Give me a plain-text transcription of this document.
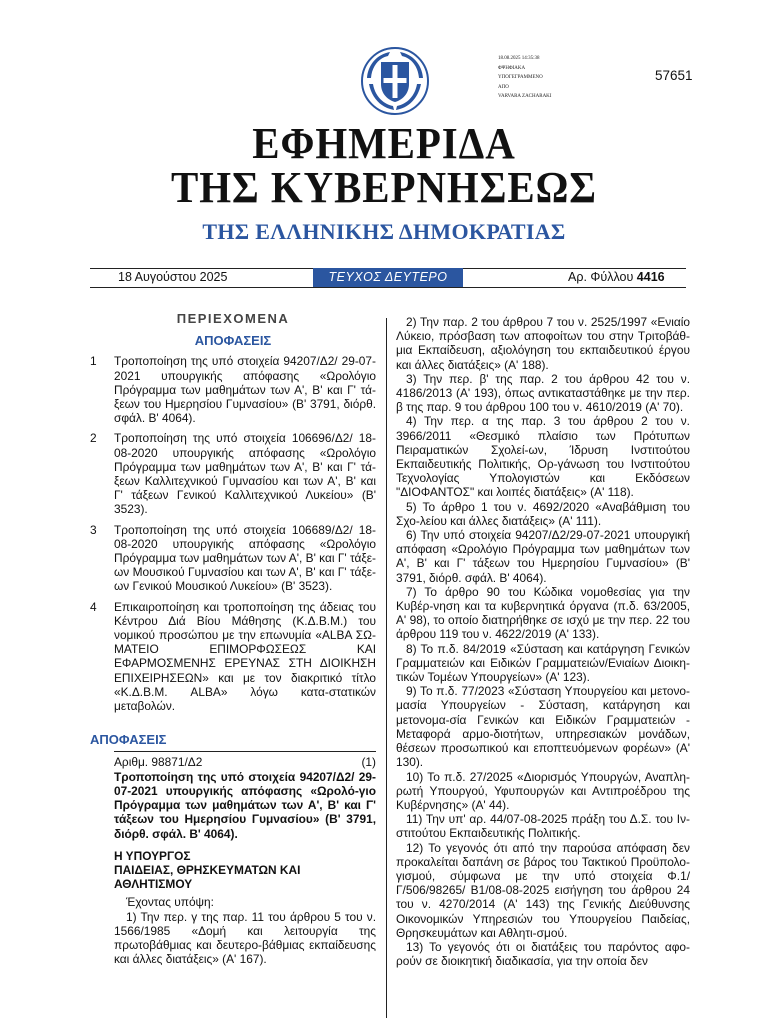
18.08.2025 14:35:38
ΦΨΗΦΙΑΚΑ
ΥΠΟΓΕΓΡΑΜΜΕΝΟ
ΑΠΟ
VARVARA ZACHARAKI
57651
ΕΦΗΜΕΡΙΔΑ
ΤΗΣ ΚΥΒΕΡΝΗΣΕΩΣ
ΤΗΣ ΕΛΛΗΝΙΚΗΣ ΔΗΜΟΚΡΑΤΙΑΣ
18 Αυγούστου 2025	ΤΕΥΧΟΣ ΔΕΥΤΕΡΟ	Αρ. Φύλλου 4416
ΠΕΡΙΕΧΟΜΕΝΑ
ΑΠΟΦΑΣΕΙΣ
1	Τροποποίηση της υπό στοιχεία 94207/Δ2/ 29-07-2021 υπουργικής απόφασης «Ωρολόγιο Πρόγραμμα των μαθημάτων των Α', Β' και Γ' τά-ξεων του Ημερησίου Γυμνασίου» (Β' 3791, διόρθ. σφάλ. Β' 4064).
2	Τροποποίηση της υπό στοιχεία 106696/Δ2/ 18-08-2020 υπουργικής απόφασης «Ωρολόγιο Πρόγραμμα των μαθημάτων των Α', Β' και Γ' τά-ξεων Καλλιτεχνικού Γυμνασίου και των Α', Β' και Γ' τάξεων Γενικού Καλλιτεχνικού Λυκείου» (Β' 3523).
3	Τροποποίηση της υπό στοιχεία 106689/Δ2/ 18-08-2020 υπουργικής απόφασης «Ωρολόγιο Πρόγραμμα των μαθημάτων των Α', Β' και Γ' τάξε-ων Μουσικού Γυμνασίου και των Α', Β' και Γ' τάξε-ων Γενικού Μουσικού Λυκείου» (Β' 3523).
4	Επικαιροποίηση και τροποποίηση της άδειας του Κέντρου Διά Βίου Μάθησης (Κ.Δ.Β.Μ.) του νομικού προσώπου με την επωνυμία «ALBA ΣΩ-ΜΑΤΕΙΟ ΕΠΙΜΟΡΦΩΣΕΩΣ ΚΑΙ ΕΦΑΡΜΟΣΜΕΝΗΣ ΕΡΕΥΝΑΣ ΣΤΗ ΔΙΟΙΚΗΣΗ ΕΠΙΧΕΙΡΗΣΕΩΝ» και με τον διακριτικό τίτλο «Κ.Δ.Β.Μ. ALBA» λόγω κατα-στατικών μεταβολών.
ΑΠΟΦΑΣΕΙΣ
Αριθμ. 98871/Δ2	(1)
Τροποποίηση της υπό στοιχεία 94207/Δ2/ 29-07-2021 υπουργικής απόφασης «Ωρολό-γιο Πρόγραμμα των μαθημάτων των Α', Β' και Γ' τάξεων του Ημερησίου Γυμνασίου» (Β' 3791, διόρθ. σφάλ. Β' 4064).
Η ΥΠΟΥΡΓΟΣ
ΠΑΙΔΕΙΑΣ, ΘΡΗΣΚΕΥΜΑΤΩΝ ΚΑΙ ΑΘΛΗΤΙΣΜΟΥ
Έχοντας υπόψη:
1) Την περ. γ της παρ. 11 του άρθρου 5 του ν. 1566/1985 «Δομή και λειτουργία της πρωτοβάθμιας και δευτερο-βάθμιας εκπαίδευσης και άλλες διατάξεις» (Α' 167).

2) Την παρ. 2 του άρθρου 7 του ν. 2525/1997 «Ενιαίο Λύκειο, πρόσβαση των αποφοίτων του στην Τριτοβάθ-μια Εκπαίδευση, αξιολόγηση του εκπαιδευτικού έργου και άλλες διατάξεις» (Α' 188).

3) Την περ. β' της παρ. 2 του άρθρου 42 του ν. 4186/2013 (Α' 193), όπως αντικαταστάθηκε με την περ. β της παρ. 9 του άρθρου 100 του ν. 4610/2019 (Α' 70).

4) Την περ. α της παρ. 3 του άρθρου 2 του ν. 3966/2011 «Θεσμικό πλαίσιο των Πρότυπων Πειραματικών Σχολεί-ων, Ίδρυση Ινστιτούτου Εκπαιδευτικής Πολιτικής, Ορ-γάνωση του Ινστιτούτου Τεχνολογίας Υπολογιστών και Εκδόσεων "ΔΙΟΦΑΝΤΟΣ" και λοιπές διατάξεις» (Α' 118).

5) Το άρθρο 1 του ν. 4692/2020 «Αναβάθμιση του Σχο-λείου και άλλες διατάξεις» (Α' 111).

6) Την υπό στοιχεία 94207/Δ2/29-07-2021 υπουργική απόφαση «Ωρολόγιο Πρόγραμμα των μαθημάτων των Α', Β' και Γ' τάξεων του Ημερησίου Γυμνασίου» (Β' 3791, διόρθ. σφάλ. Β' 4064).

7) Το άρθρο 90 του Κώδικα νομοθεσίας για την Κυβέρ-νηση και τα κυβερνητικά όργανα (π.δ. 63/2005, Α' 98), το οποίο διατηρήθηκε σε ισχύ με την περ. 22 του άρθρου 119 του ν. 4622/2019 (Α' 133).

8) Το π.δ. 84/2019 «Σύσταση και κατάργηση Γενικών Γραμματειών και Ειδικών Γραμματειών/Ενιαίων Διοικη-τικών Τομέων Υπουργείων» (Α' 123).

9) Το π.δ. 77/2023 «Σύσταση Υπουργείου και μετονο-μασία Υπουργείων - Σύσταση, κατάργηση και μετονομα-σία Γενικών και Ειδικών Γραμματειών - Μεταφορά αρμο-διοτήτων, υπηρεσιακών μονάδων, θέσεων προσωπικού και εποπτευόμενων φορέων» (Α' 130).

10) Το π.δ. 27/2025 «Διορισμός Υπουργών, Αναπλη-ρωτή Υπουργού, Υφυπουργών και Αντιπροέδρου της Κυβέρνησης» (Α' 44).

11) Την υπ' αρ. 44/07-08-2025 πράξη του Δ.Σ. του Ιν-στιτούτου Εκπαιδευτικής Πολιτικής.

12) Το γεγονός ότι από την παρούσα απόφαση δεν προκαλείται δαπάνη σε βάρος του Τακτικού Προϋπολο-γισμού, σύμφωνα με την υπό στοιχεία Φ.1/Γ/506/98265/ Β1/08-08-2025 εισήγηση του άρθρου 24 του ν. 4270/2014 (Α' 143) της Γενικής Διεύθυνσης Οικονομικών Υπηρεσιών του Υπουργείου Παιδείας, Θρησκευμάτων και Αθλητι-σμού.

13) Το γεγονός ότι οι διατάξεις του παρόντος αφο-ρούν σε διοικητική διαδικασία, για την οποία δεν
